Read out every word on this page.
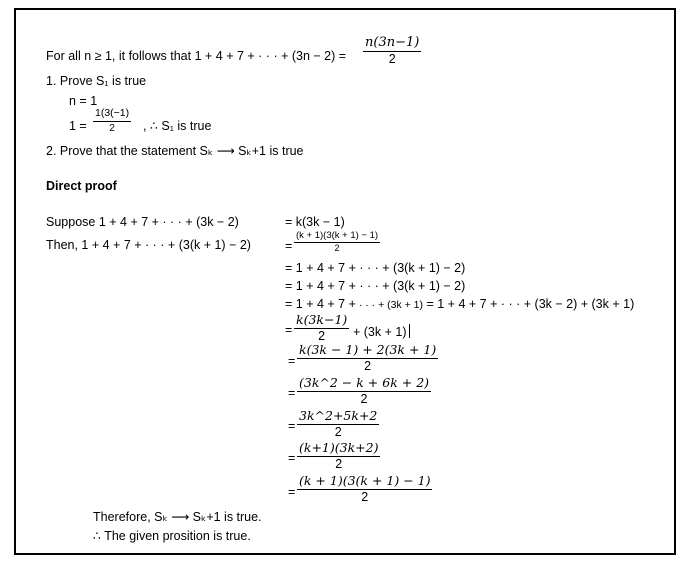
For all n ≥ 1, it follows that 1 + 4 + 7 + · · · + (3n − 2) =
n(3n−1)
2
1. Prove S₁ is true
n = 1
1 =
1(3(−1)
2	, ∴ S₁ is true
2. Prove that the statement Sₖ ⟶ Sₖ+1 is true
Direct proof
Suppose 1 + 4 + 7 + · · · + (3k − 2)	= k(3k − 1)
Then, 1 + 4 + 7 + · · · + (3(k + 1) − 2)	=
(k + 1)(3(k + 1) − 1)
2
= 1 + 4 + 7 + · · · + (3(k + 1) − 2)
= 1 + 4 + 7 + · · · + (3(k + 1) − 2)
= 1 + 4 + 7 + · · · + (3k + 1) = 1 + 4 + 7 + · · · + (3k − 2) + (3k + 1)
=
k(3k−1)
2	+ (3k + 1)
=
k(3k − 1) + 2(3k + 1)
2
=
(3k^2 − k + 6k + 2)
2
=
3k^2+5k+2
2
=
(k+1)(3k+2)
2
=
(k + 1)(3(k + 1) − 1)
2
Therefore, Sₖ ⟶ Sₖ+1 is true.
∴ The given prosition is true.
